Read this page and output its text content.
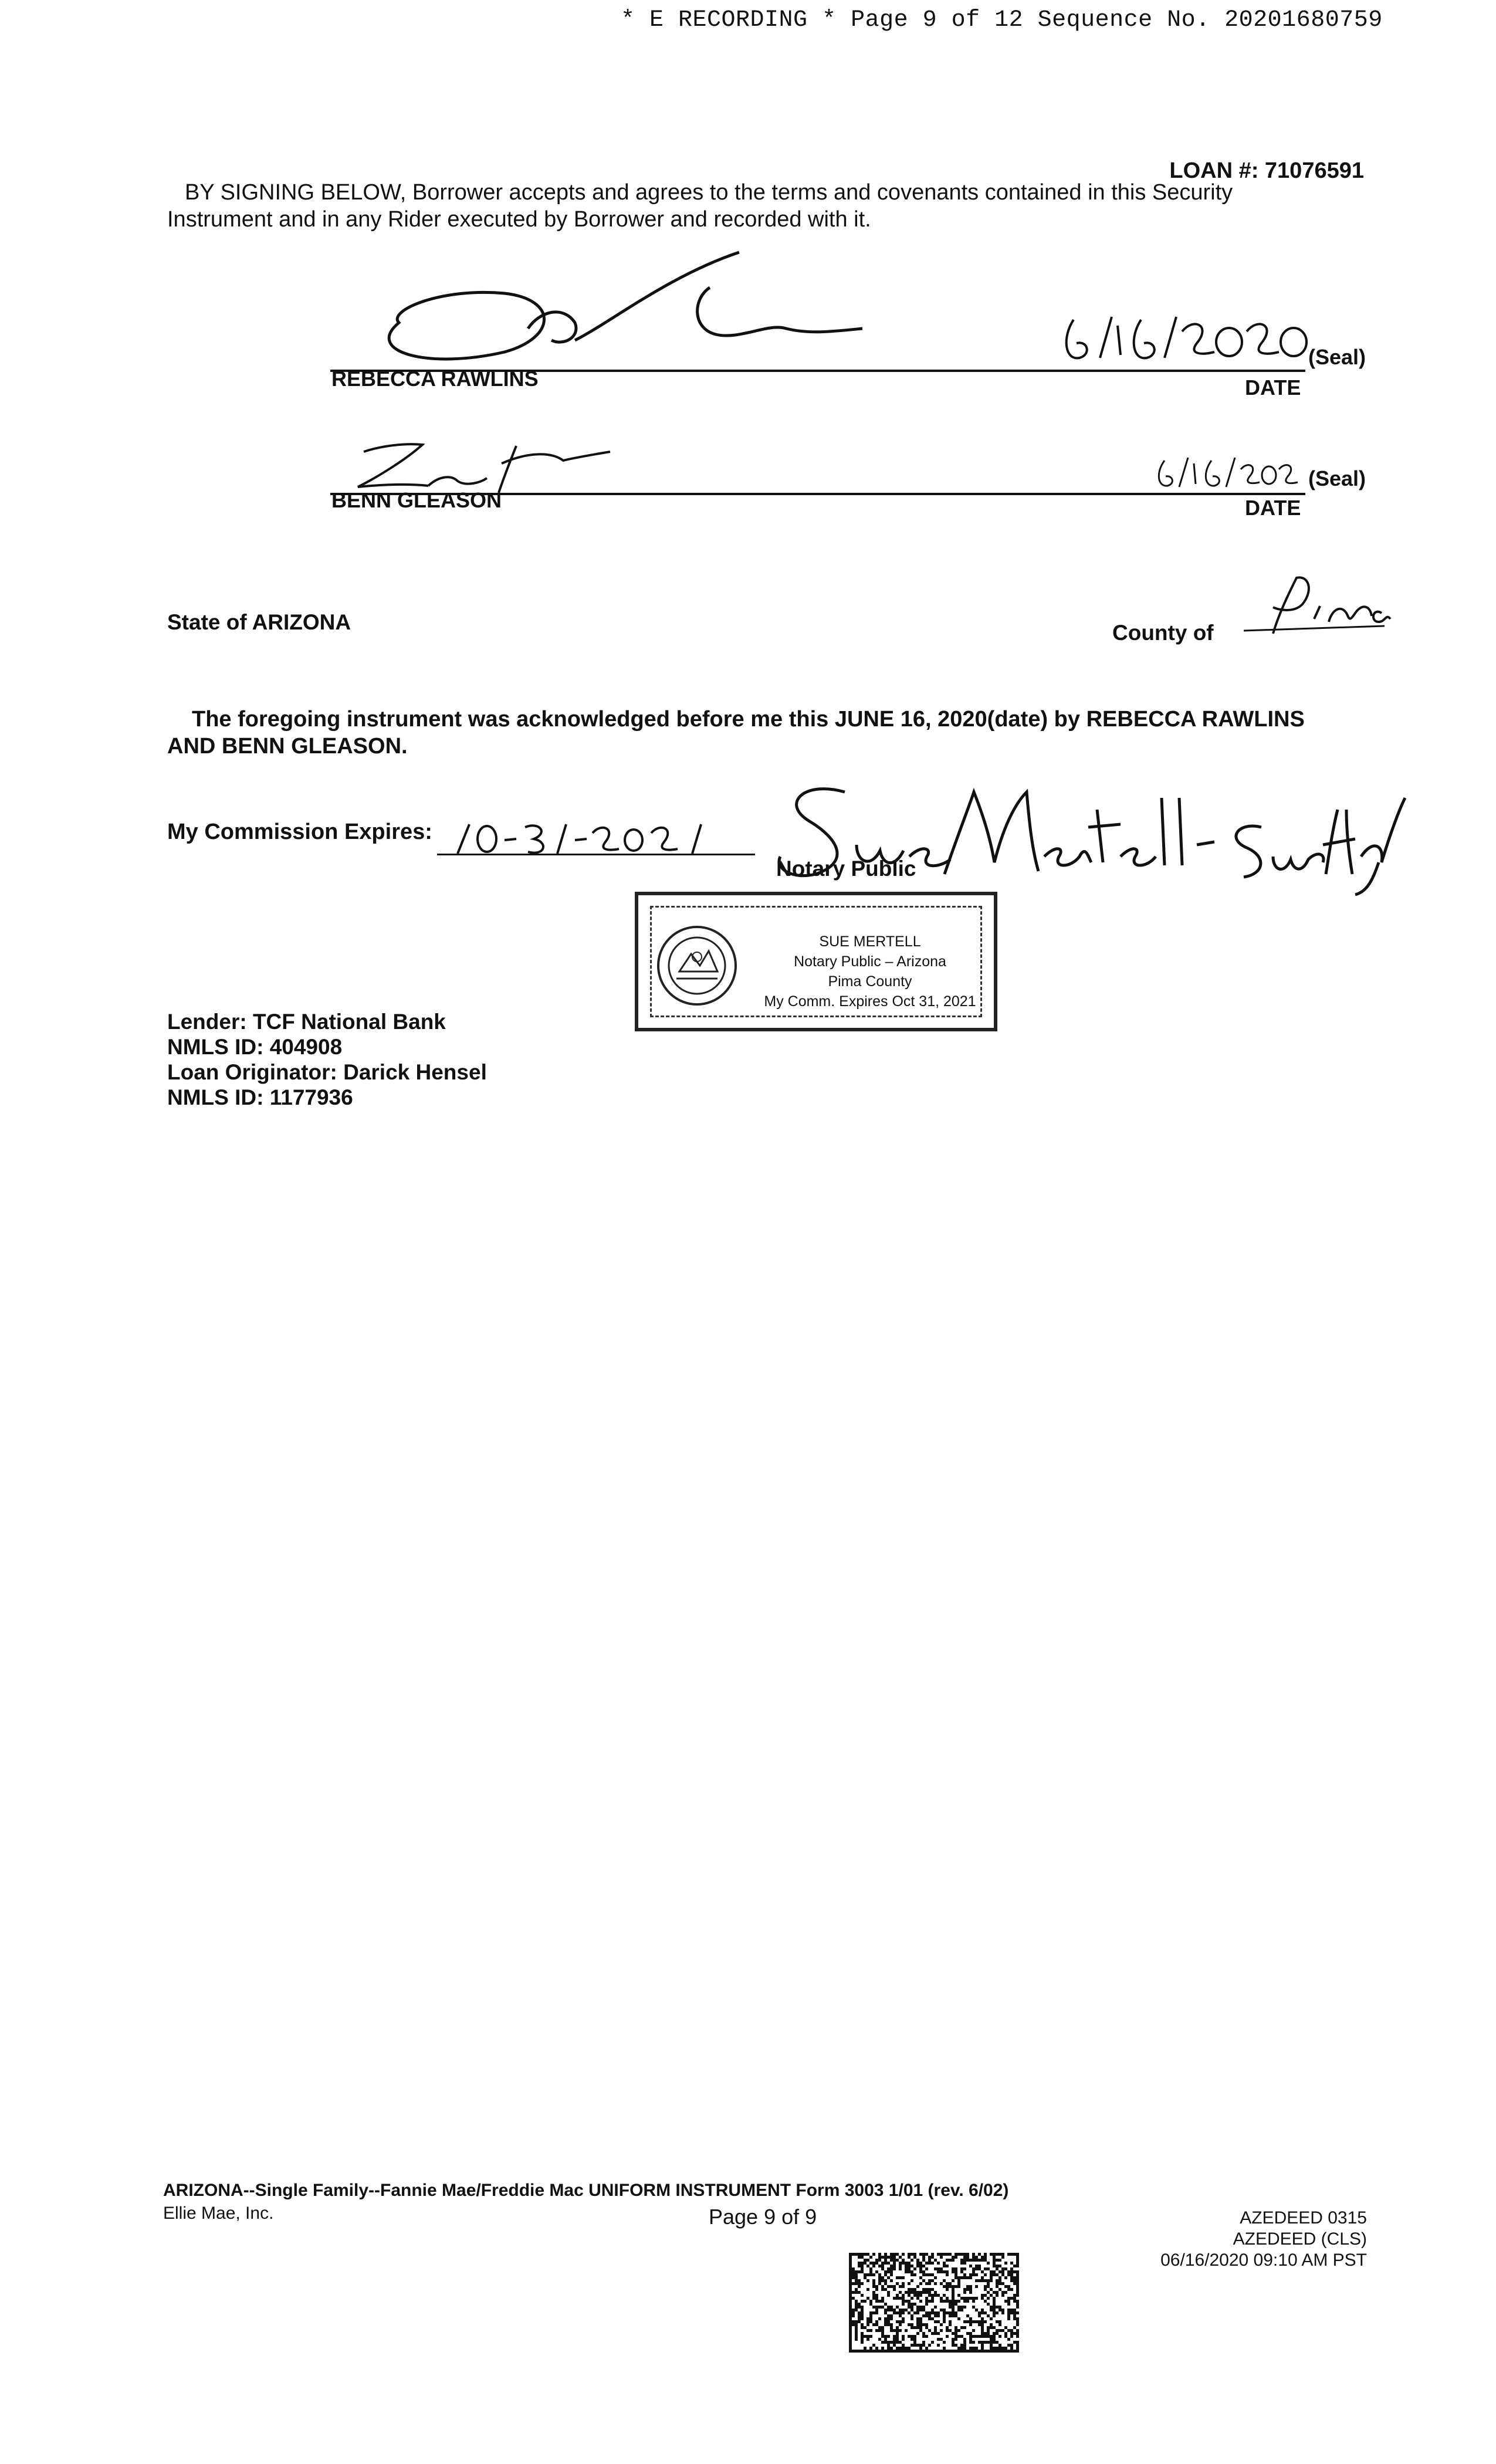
* E RECORDING * Page 9 of 12 Sequence No. 20201680759
LOAN #: 71076591
BY SIGNING BELOW, Borrower accepts and agrees to the terms and covenants contained in this Security
Instrument and in any Rider executed by Borrower and recorded with it.
REBECCA RAWLINS
(Seal)
DATE
BENN GLEASON
(Seal)
DATE
State of ARIZONA	County of
The foregoing instrument was acknowledged before me this JUNE 16, 2020(date) by REBECCA RAWLINS
AND BENN GLEASON.
My Commission Expires:
Notary Public
SUE MERTELL
Notary Public – Arizona
Pima County
My Comm. Expires Oct 31, 2021
Lender: TCF National Bank
NMLS ID: 404908
Loan Originator: Darick Hensel
NMLS ID: 1177936
ARIZONA--Single Family--Fannie Mae/Freddie Mac UNIFORM INSTRUMENT Form 3003 1/01 (rev. 6/02)
Ellie Mae, Inc.	Page 9 of 9	AZEDEED 0315
AZEDEED (CLS)
06/16/2020 09:10 AM PST
